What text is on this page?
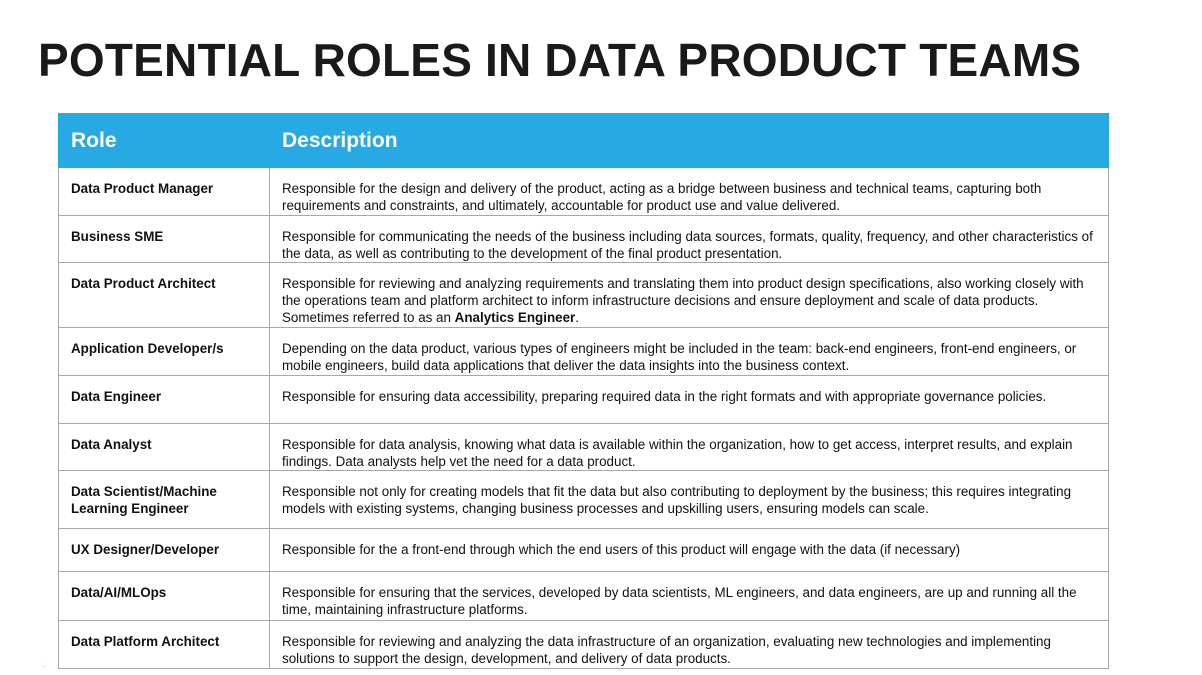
POTENTIAL ROLES IN DATA PRODUCT TEAMS
Role	Description
Data Product Manager	Responsible for the design and delivery of the product, acting as a bridge between business and technical teams, capturing both requirements and constraints, and ultimately, accountable for product use and value delivered.
Business SME	Responsible for communicating the needs of the business including data sources, formats, quality, frequency, and other characteristics of the data, as well as contributing to the development of the final product presentation.
Data Product Architect	Responsible for reviewing and analyzing requirements and translating them into product design specifications, also working closely with the operations team and platform architect to inform infrastructure decisions and ensure deployment and scale of data products. Sometimes referred to as an Analytics Engineer.
Application Developer/s	Depending on the data product, various types of engineers might be included in the team: back-end engineers, front-end engineers, or mobile engineers, build data applications that deliver the data insights into the business context.
Data Engineer	Responsible for ensuring data accessibility, preparing required data in the right formats and with appropriate governance policies.
Data Analyst	Responsible for data analysis, knowing what data is available within the organization, how to get access, interpret results, and explain findings. Data analysts help vet the need for a data product.
Data Scientist/Machine Learning Engineer	Responsible not only for creating models that fit the data but also contributing to deployment by the business; this requires integrating models with existing systems, changing business processes and upskilling users, ensuring models can scale.
UX Designer/Developer	Responsible for the a front-end through which the end users of this product will engage with the data (if necessary)
Data/AI/MLOps	Responsible for ensuring that the services, developed by data scientists, ML engineers, and data engineers, are up and running all the time, maintaining infrastructure platforms.
Data Platform Architect	Responsible for reviewing and analyzing the data infrastructure of an organization, evaluating new technologies and implementing solutions to support the design, development, and delivery of data products.
¨
